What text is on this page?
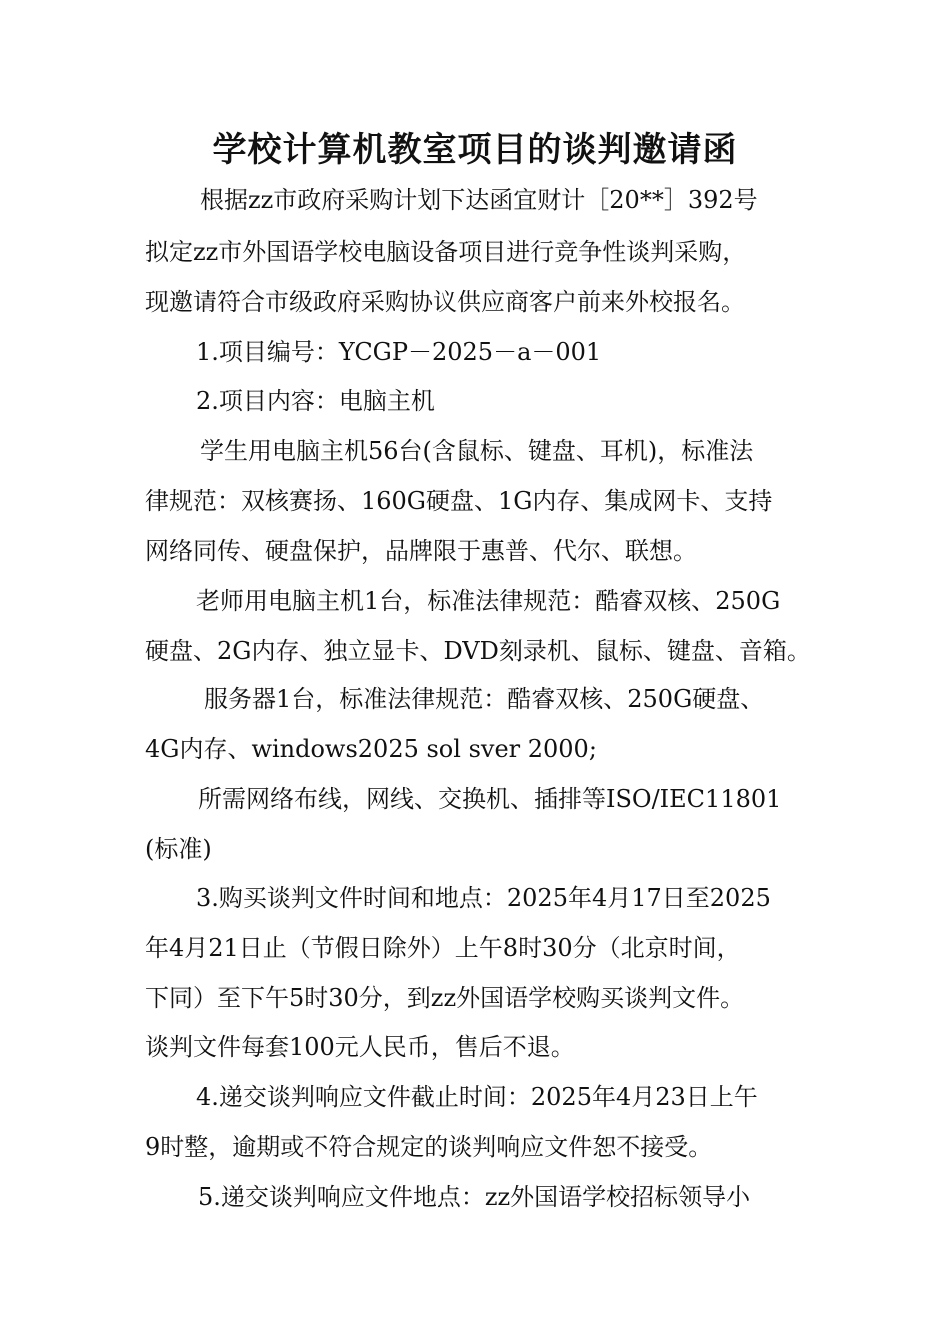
学校计算机教室项目的谈判邀请函
根据zz市政府采购计划下达函宜财计［20**］392号
拟定zz市外国语学校电脑设备项目进行竞争性谈判采购，
现邀请符合市级政府采购协议供应商客户前来外校报名。
1.项目编号：YCGP－2025－a－001
2.项目内容：电脑主机
学生用电脑主机56台(含鼠标、键盘、耳机)，标准法
律规范：双核赛扬、160G硬盘、1G内存、集成网卡、支持
网络同传、硬盘保护，品牌限于惠普、代尔、联想。
老师用电脑主机1台，标准法律规范：酷睿双核、250G
硬盘、2G内存、独立显卡、DVD刻录机、鼠标、键盘、音箱。
服务器1台，标准法律规范：酷睿双核、250G硬盘、
4G内存、windows2025 sol sver 2000;
所需网络布线，网线、交换机、插排等ISO/IEC11801
(标准)
3.购买谈判文件时间和地点：2025年4月17日至2025
年4月21日止（节假日除外）上午8时30分（北京时间，
下同）至下午5时30分，到zz外国语学校购买谈判文件。
谈判文件每套100元人民币，售后不退。
4.递交谈判响应文件截止时间：2025年4月23日上午
9时整，逾期或不符合规定的谈判响应文件恕不接受。
5.递交谈判响应文件地点：zz外国语学校招标领导小
